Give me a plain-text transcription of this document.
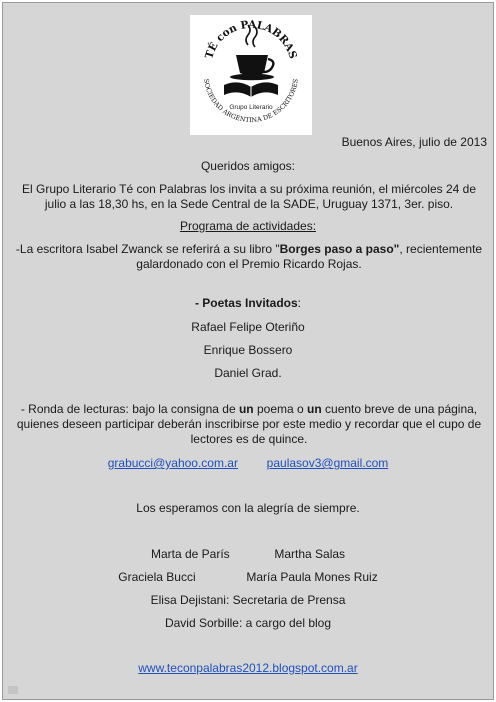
TÉ con PALABRAS
Grupo Literario
SOCIEDAD ARGENTINA DE ESCRITORES
Buenos Aires, julio de 2013
Queridos amigos:
El Grupo Literario Té con Palabras los invita a su próxima reunión, el miércoles 24 de
julio a las 18,30 hs, en la Sede Central de la SADE, Uruguay 1371, 3er. piso.
Programa de actividades:
-La escritora Isabel Zwanck se referirá a su libro "Borges paso a paso", recientemente
galardonado con el Premio Ricardo Rojas.
- Poetas Invitados:
Rafael Felipe Oteriño
Enrique Bossero
Daniel Grad.
- Ronda de lecturas: bajo la consigna de un poema o un cuento breve de una página,
quienes deseen participar deberán inscribirse por este medio y recordar que el cupo de
lectores es de quince.
grabucci@yahoo.com.ar paulasov3@gmail.com
Los esperamos con la alegría de siempre.
Marta de París	Martha Salas
Graciela Bucci	María Paula Mones Ruiz
Elisa Dejistani: Secretaria de Prensa
David Sorbille: a cargo del blog
www.teconpalabras2012.blogspot.com.ar
